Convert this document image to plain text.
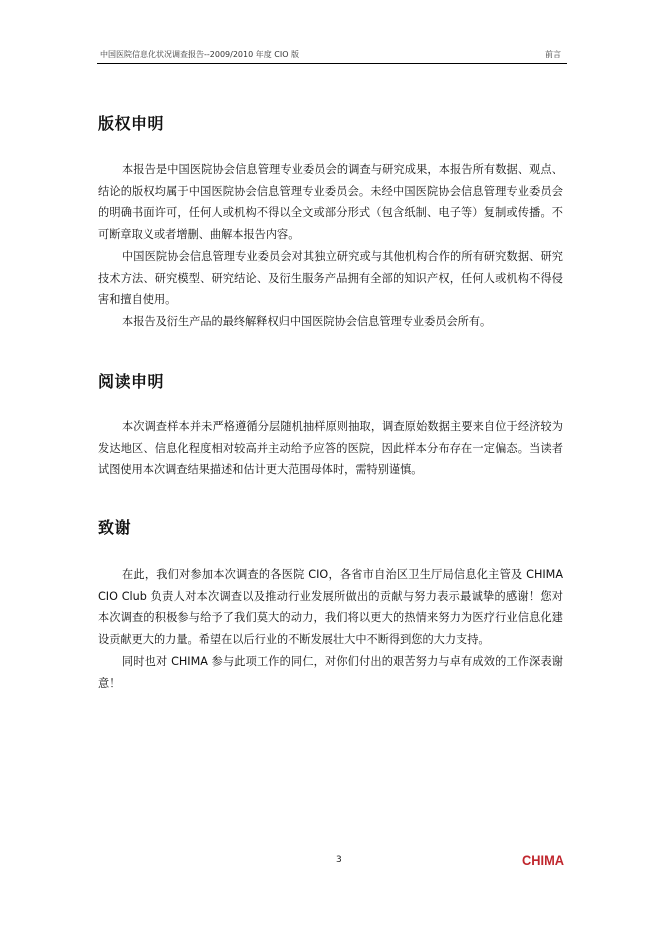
中国医院信息化状况调查报告--2009/2010 年度 CIO 版	前言
版权申明

本报告是中国医院协会信息管理专业委员会的调查与研究成果，本报告所有数据、观点、结论的版权均属于中国医院协会信息管理专业委员会。未经中国医院协会信息管理专业委员会的明确书面许可，任何人或机构不得以全文或部分形式（包含纸制、电子等）复制或传播。不可断章取义或者增删、曲解本报告内容。

中国医院协会信息管理专业委员会对其独立研究或与其他机构合作的所有研究数据、研究技术方法、研究模型、研究结论、及衍生服务产品拥有全部的知识产权，任何人或机构不得侵害和擅自使用。

本报告及衍生产品的最终解释权归中国医院协会信息管理专业委员会所有。

阅读申明

本次调查样本并未严格遵循分层随机抽样原则抽取，调查原始数据主要来自位于经济较为发达地区、信息化程度相对较高并主动给予应答的医院，因此样本分布存在一定偏态。当读者试图使用本次调查结果描述和估计更大范围母体时，需特别谨慎。

致谢

在此，我们对参加本次调查的各医院 CIO，各省市自治区卫生厅局信息化主管及 CHIMA CIO Club 负责人对本次调查以及推动行业发展所做出的贡献与努力表示最诚挚的感谢！您对本次调查的积极参与给予了我们莫大的动力，我们将以更大的热情来努力为医疗行业信息化建设贡献更大的力量。希望在以后行业的不断发展壮大中不断得到您的大力支持。

同时也对 CHIMA 参与此项工作的同仁，对你们付出的艰苦努力与卓有成效的工作深表谢意！

3	CHIMA
